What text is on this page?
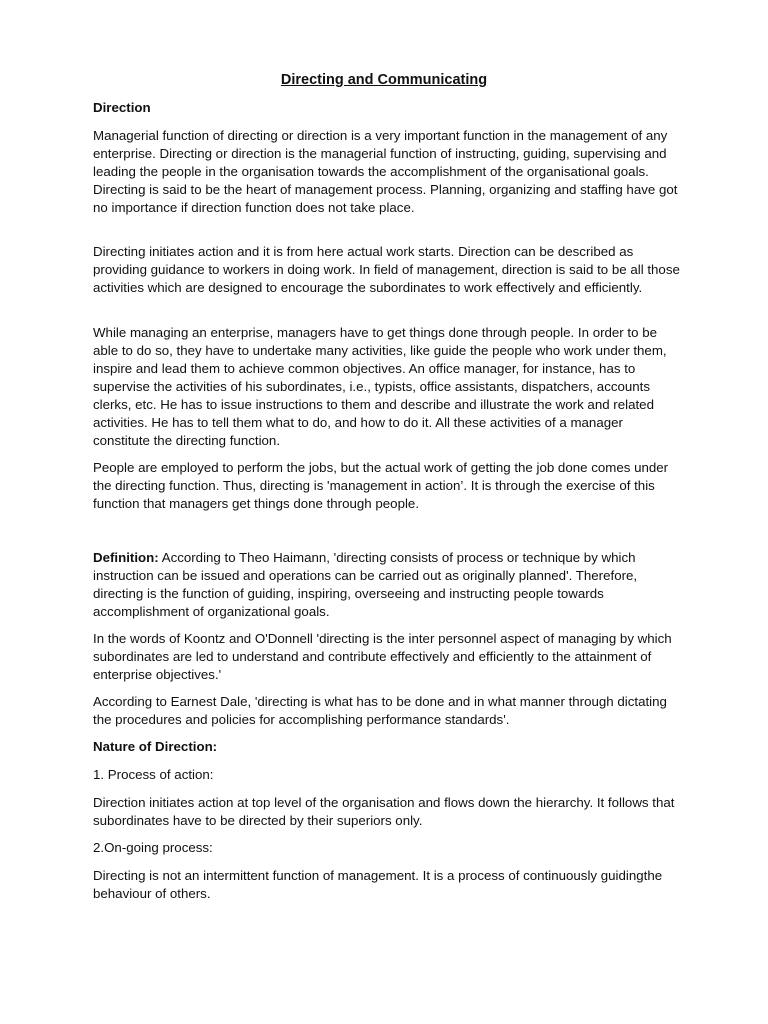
Directing and Communicating

Direction

Managerial function of directing or direction is a very important function in the management of any enterprise. Directing or direction is the managerial function of instructing, guiding, supervising and leading the people in the organisation towards the accomplishment of the organisational goals. Directing is said to be the heart of management process. Planning, organizing and staffing have got no importance if direction function does not take place.

Directing initiates action and it is from here actual work starts. Direction can be described as providing guidance to workers in doing work. In field of management, direction is said to be all those activities which are designed to encourage the subordinates to work effectively and efficiently.

While managing an enterprise, managers have to get things done through people. In order to be able to do so, they have to undertake many activities, like guide the people who work under them, inspire and lead them to achieve common objectives. An office manager, for instance, has to supervise the activities of his subordinates, i.e., typists, office assistants, dispatchers, accounts clerks, etc. He has to issue instructions to them and describe and illustrate the work and related activities. He has to tell them what to do, and how to do it. All these activities of a manager constitute the directing function.

People are employed to perform the jobs, but the actual work of getting the job done comes under the directing function. Thus, directing is 'management in action’. It is through the exercise of this function that managers get things done through people.

Definition: According to Theo Haimann, 'directing consists of process or technique by which instruction can be issued and operations can be carried out as originally planned'. Therefore, directing is the function of guiding, inspiring, overseeing and instructing people towards accomplishment of organizational goals.

In the words of Koontz and O'Donnell 'directing is the inter personnel aspect of managing by which subordinates are led to understand and contribute effectively and efficiently to the attainment of enterprise objectives.'

According to Earnest Dale, 'directing is what has to be done and in what manner through dictating the procedures and policies for accomplishing performance standards'.

Nature of Direction:

1. Process of action:

Direction initiates action at top level of the organisation and flows down the hierarchy. It follows that subordinates have to be directed by their superiors only.

2.On-going process:

Directing is not an intermittent function of management. It is a process of continuously guidingthe behaviour of others.
